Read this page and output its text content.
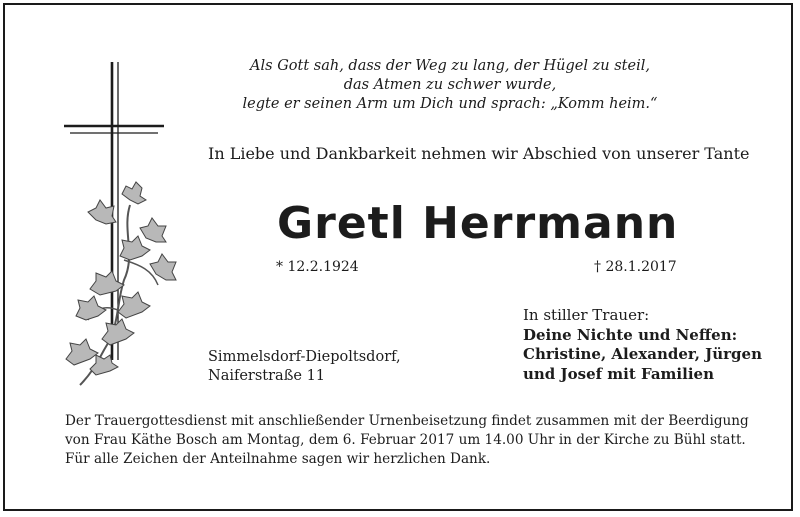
Als Gott sah, dass der Weg zu lang, der Hügel zu steil,
das Atmen zu schwer wurde,
legte er seinen Arm um Dich und sprach: „Komm heim.“
In Liebe und Dankbarkeit nehmen wir Abschied von unserer Tante
Gretl Herrmann
* 12.2.1924	† 28.1.2017
Simmelsdorf-Diepoltsdorf,
Naiferstraße 11
In stiller Trauer:
Deine Nichte und Neffen:
Christine, Alexander, Jürgen
und Josef mit Familien
Der Trauergottesdienst mit anschließender Urnenbeisetzung findet zusammen mit der Beerdigung
von Frau Käthe Bosch am Montag, dem 6. Februar 2017 um 14.00 Uhr in der Kirche zu Bühl statt.
Für alle Zeichen der Anteilnahme sagen wir herzlichen Dank.
